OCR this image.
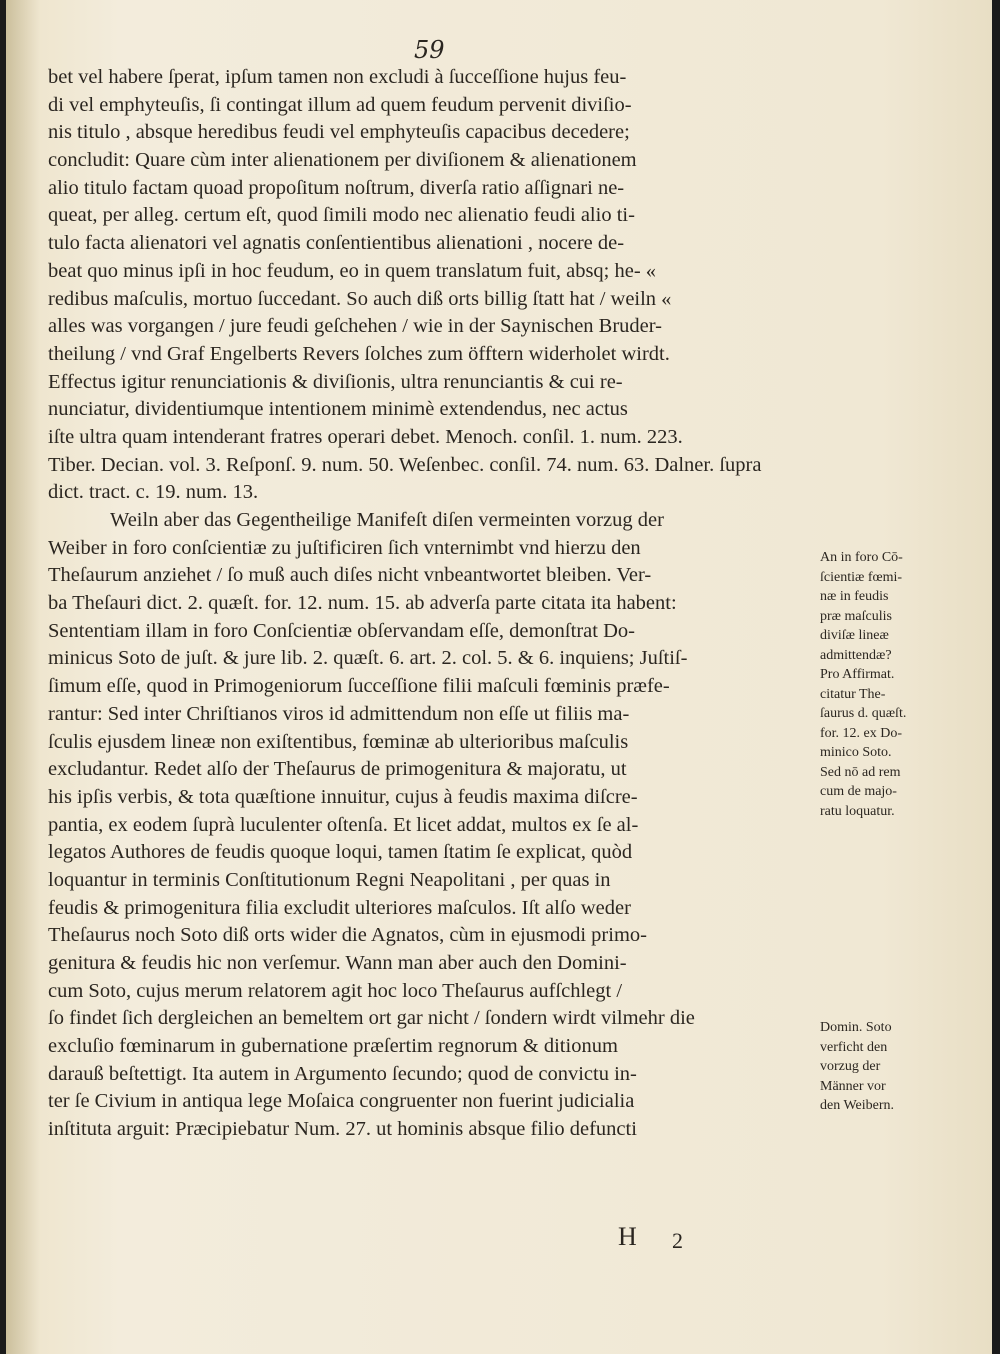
59
bet vel habere ſperat, ipſum tamen non excludi à ſucceſſione hujus feu-
di vel emphyteuſis, ſi contingat illum ad quem feudum pervenit diviſio-
nis titulo , absque heredibus feudi vel emphyteuſis capacibus decedere;
concludit: Quare cùm inter alienationem per diviſionem & alienationem
alio titulo factam quoad propoſitum noſtrum, diverſa ratio aſſignari ne-
queat, per alleg. certum eſt, quod ſimili modo nec alienatio feudi alio ti-
tulo facta alienatori vel agnatis conſentientibus alienationi , nocere de-
beat quo minus ipſi in hoc feudum, eo in quem translatum fuit, absq; he- «
redibus maſculis, mortuo ſuccedant. So auch diß orts billig ſtatt hat / weiln «
alles was vorgangen / jure feudi geſchehen / wie in der Saynischen Bruder-
theilung / vnd Graf Engelberts Revers ſolches zum öfftern widerholet wirdt.
Effectus igitur renunciationis & diviſionis, ultra renunciantis & cui re-
nunciatur, dividentiumque intentionem minimè extendendus, nec actus
iſte ultra quam intenderant fratres operari debet. Menoch. conſil. 1. num. 223.
Tiber. Decian. vol. 3. Reſponſ. 9. num. 50. Weſenbec. conſil. 74. num. 63. Dalner. ſupra
dict. tract. c. 19. num. 13.
Weiln aber das Gegentheilige Manifeſt diſen vermeinten vorzug der
Weiber in foro conſcientiæ zu juſtificiren ſich vnternimbt vnd hierzu den
Theſaurum anziehet / ſo muß auch diſes nicht vnbeantwortet bleiben. Ver-
ba Theſauri dict. 2. quæſt. for. 12. num. 15. ab adverſa parte citata ita habent:
Sententiam illam in foro Conſcientiæ obſervandam eſſe, demonſtrat Do-
minicus Soto de juſt. & jure lib. 2. quæſt. 6. art. 2. col. 5. & 6. inquiens; Juſtiſ-
ſimum eſſe, quod in Primogeniorum ſucceſſione filii maſculi fœminis præfe-
rantur: Sed inter Chriſtianos viros id admittendum non eſſe ut filiis ma-
ſculis ejusdem lineæ non exiſtentibus, fœminæ ab ulterioribus maſculis
excludantur. Redet alſo der Theſaurus de primogenitura & majoratu, ut
his ipſis verbis, & tota quæſtione innuitur, cujus à feudis maxima diſcre-
pantia, ex eodem ſuprà luculenter oſtenſa. Et licet addat, multos ex ſe al-
legatos Authores de feudis quoque loqui, tamen ſtatim ſe explicat, quòd
loquantur in terminis Conſtitutionum Regni Neapolitani , per quas in
feudis & primogenitura filia excludit ulteriores maſculos. Iſt alſo weder
Theſaurus noch Soto diß orts wider die Agnatos, cùm in ejusmodi primo-
genitura & feudis hic non verſemur. Wann man aber auch den Domini-
cum Soto, cujus merum relatorem agit hoc loco Theſaurus aufſchlegt /
ſo findet ſich dergleichen an bemeltem ort gar nicht / ſondern wirdt vilmehr die
excluſio fœminarum in gubernatione præſertim regnorum & ditionum
darauß beſtettigt. Ita autem in Argumento ſecundo; quod de convictu in-
ter ſe Civium in antiqua lege Moſaica congruenter non fuerint judicialia
inſtituta arguit: Præcipiebatur Num. 27. ut hominis absque filio defuncti
An in foro Cō-
ſcientiæ fœmi-
næ in feudis
præ maſculis
diviſæ lineæ
admittendæ?
Pro Affirmat.
citatur The-
ſaurus d. quæſt.
for. 12. ex Do-
minico Soto.
Sed nō ad rem
cum de majo-
ratu loquatur.
Domin. Soto
verficht den
vorzug der
Männer vor
den Weibern.
H 2
